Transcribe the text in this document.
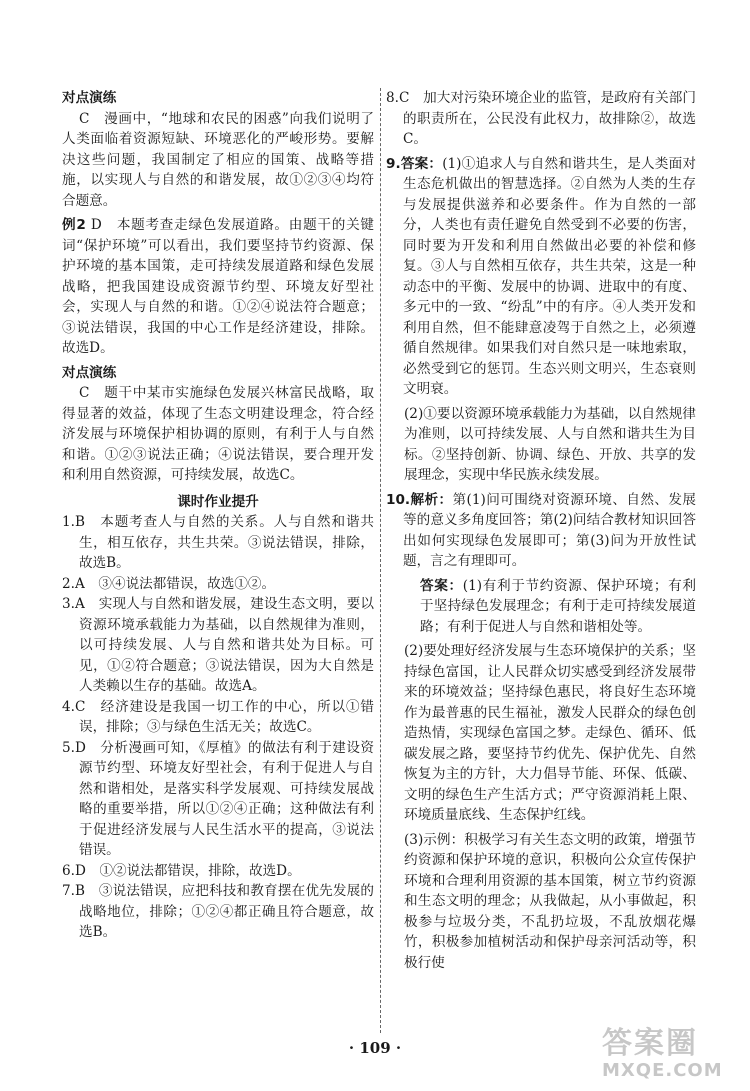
对点演练

C　漫画中，“地球和农民的困惑”向我们说明了人类面临着资源短缺、环境恶化的严峻形势。要解决这些问题，我国制定了相应的国策、战略等措施，以实现人与自然的和谐发展，故①②③④均符合题意。

例2 D　本题考查走绿色发展道路。由题干的关键词“保护环境”可以看出，我们要坚持节约资源、保护环境的基本国策，走可持续发展道路和绿色发展战略，把我国建设成资源节约型、环境友好型社会，实现人与自然的和谐。①②④说法符合题意；③说法错误，我国的中心工作是经济建设，排除。故选D。

对点演练

C　题干中某市实施绿色发展兴林富民战略，取得显著的效益，体现了生态文明建设理念，符合经济发展与环境保护相协调的原则，有利于人与自然和谐。①②③说法正确；④说法错误，要合理开发和利用自然资源，可持续发展，故选C。

课时作业提升

1.B　本题考查人与自然的关系。人与自然和谐共生，相互依存，共生共荣。③说法错误，排除，故选B。

2.A　③④说法都错误，故选①②。

3.A　实现人与自然和谐发展，建设生态文明，要以资源环境承载能力为基础，以自然规律为准则，以可持续发展、人与自然和谐共处为目标。可见，①②符合题意；③说法错误，因为大自然是人类赖以生存的基础。故选A。

4.C　经济建设是我国一切工作的中心，所以①错误，排除；③与绿色生活无关；故选C。

5.D　分析漫画可知，《厚植》的做法有利于建设资源节约型、环境友好型社会，有利于促进人与自然和谐相处，是落实科学发展观、可持续发展战略的重要举措，所以①②④正确；这种做法有利于促进经济发展与人民生活水平的提高，③说法错误。

6.D　①②说法都错误，排除，故选D。

7.B　③说法错误，应把科技和教育摆在优先发展的战略地位，排除；①②④都正确且符合题意，故选B。

8.C　加大对污染环境企业的监管，是政府有关部门的职责所在，公民没有此权力，故排除②，故选C。

9.答案：(1)①追求人与自然和谐共生，是人类面对生态危机做出的智慧选择。②自然为人类的生存与发展提供滋养和必要条件。作为自然的一部分，人类也有责任避免自然受到不必要的伤害，同时要为开发和利用自然做出必要的补偿和修复。③人与自然相互依存，共生共荣，这是一种动态中的平衡、发展中的协调、进取中的有度、多元中的一致、“纷乱”中的有序。④人类开发和利用自然，但不能肆意凌驾于自然之上，必须遵循自然规律。如果我们对自然只是一味地索取，必然受到它的惩罚。生态兴则文明兴，生态衰则文明衰。

(2)①要以资源环境承载能力为基础，以自然规律为准则，以可持续发展、人与自然和谐共生为目标。②坚持创新、协调、绿色、开放、共享的发展理念，实现中华民族永续发展。

10.解析：第(1)问可围绕对资源环境、自然、发展等的意义多角度回答；第(2)问结合教材知识回答出如何实现绿色发展即可；第(3)问为开放性试题，言之有理即可。

答案：(1)有利于节约资源、保护环境；有利于坚持绿色发展理念；有利于走可持续发展道路；有利于促进人与自然和谐相处等。

(2)要处理好经济发展与生态环境保护的关系；坚持绿色富国，让人民群众切实感受到经济发展带来的环境效益；坚持绿色惠民，将良好生态环境作为最普惠的民生福祉，激发人民群众的绿色创造热情，实现绿色富国之梦。走绿色、循环、低碳发展之路，要坚持节约优先、保护优先、自然恢复为主的方针，大力倡导节能、环保、低碳、文明的绿色生产生活方式；严守资源消耗上限、环境质量底线、生态保护红线。

(3)示例：积极学习有关生态文明的政策，增强节约资源和保护环境的意识，积极向公众宣传保护环境和合理利用资源的基本国策，树立节约资源和生态文明的理念；从我做起，从小事做起，积极参与垃圾分类，不乱扔垃圾，不乱放烟花爆竹，积极参加植树活动和保护母亲河活动等，积极行使

· 109 ·	答案圈
MXQE.COM
